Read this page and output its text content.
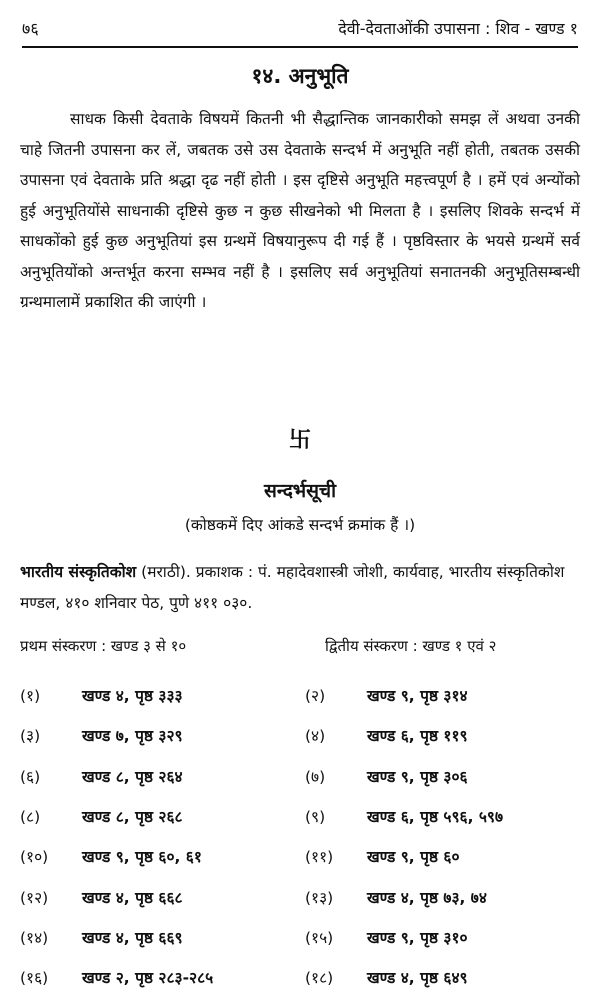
७६	देवी-देवताओंकी उपासना : शिव - खण्ड १
१४. अनुभूति

साधक किसी देवताके विषयमें कितनी भी सैद्धान्तिक जानकारीको समझ लें अथवा उनकी चाहे जितनी उपासना कर लें, जबतक उसे उस देवताके सन्दर्भ में अनुभूति नहीं होती, तबतक उसकी उपासना एवं देवताके प्रति श्रद्धा दृढ नहीं होती । इस दृष्टिसे अनुभूति महत्त्वपूर्ण है । हमें एवं अन्योंको हुई अनुभूतियोंसे साधनाकी दृष्टिसे कुछ न कुछ सीखनेको भी मिलता है । इसलिए शिवके सन्दर्भ में साधकोंको हुई कुछ अनुभूतियां इस ग्रन्थमें विषयानुरूप दी गई हैं । पृष्ठविस्तार के भयसे ग्रन्थमें सर्व अनुभूतियोंको अन्तर्भूत करना सम्भव नहीं है । इसलिए सर्व अनुभूतियां सनातनकी अनुभूतिसम्बन्धी ग्रन्थमालामें प्रकाशित की जाएंगी ।

卐
सन्दर्भसूची
(कोष्ठकमें दिए आंकडे सन्दर्भ क्रमांक हैं ।)
भारतीय संस्कृतिकोश (मराठी). प्रकाशक : पं. महादेवशास्त्री जोशी, कार्यवाह, भारतीय संस्कृतिकोश मण्डल, ४१० शनिवार पेठ, पुणे ४११ ०३०.
प्रथम संस्करण : खण्ड ३ से १०	द्वितीय संस्करण : खण्ड १ एवं २
(१)	खण्ड ४, पृष्ठ ३३३	(२)	खण्ड ९, पृष्ठ ३१४
(३)	खण्ड ७, पृष्ठ ३२९	(४)	खण्ड ६, पृष्ठ ११९
(६)	खण्ड ८, पृष्ठ २६४	(७)	खण्ड ९, पृष्ठ ३०६
(८)	खण्ड ८, पृष्ठ २६८	(९)	खण्ड ६, पृष्ठ ५९६, ५९७
(१०)	खण्ड ९, पृष्ठ ६०, ६१	(११)	खण्ड ९, पृष्ठ ६०
(१२)	खण्ड ४, पृष्ठ ६६८	(१३)	खण्ड ४, पृष्ठ ७३, ७४
(१४)	खण्ड ४, पृष्ठ ६६९	(१५)	खण्ड ९, पृष्ठ ३१०
(१६)	खण्ड २, पृष्ठ २८३-२८५	(१८)	खण्ड ४, पृष्ठ ६४९
